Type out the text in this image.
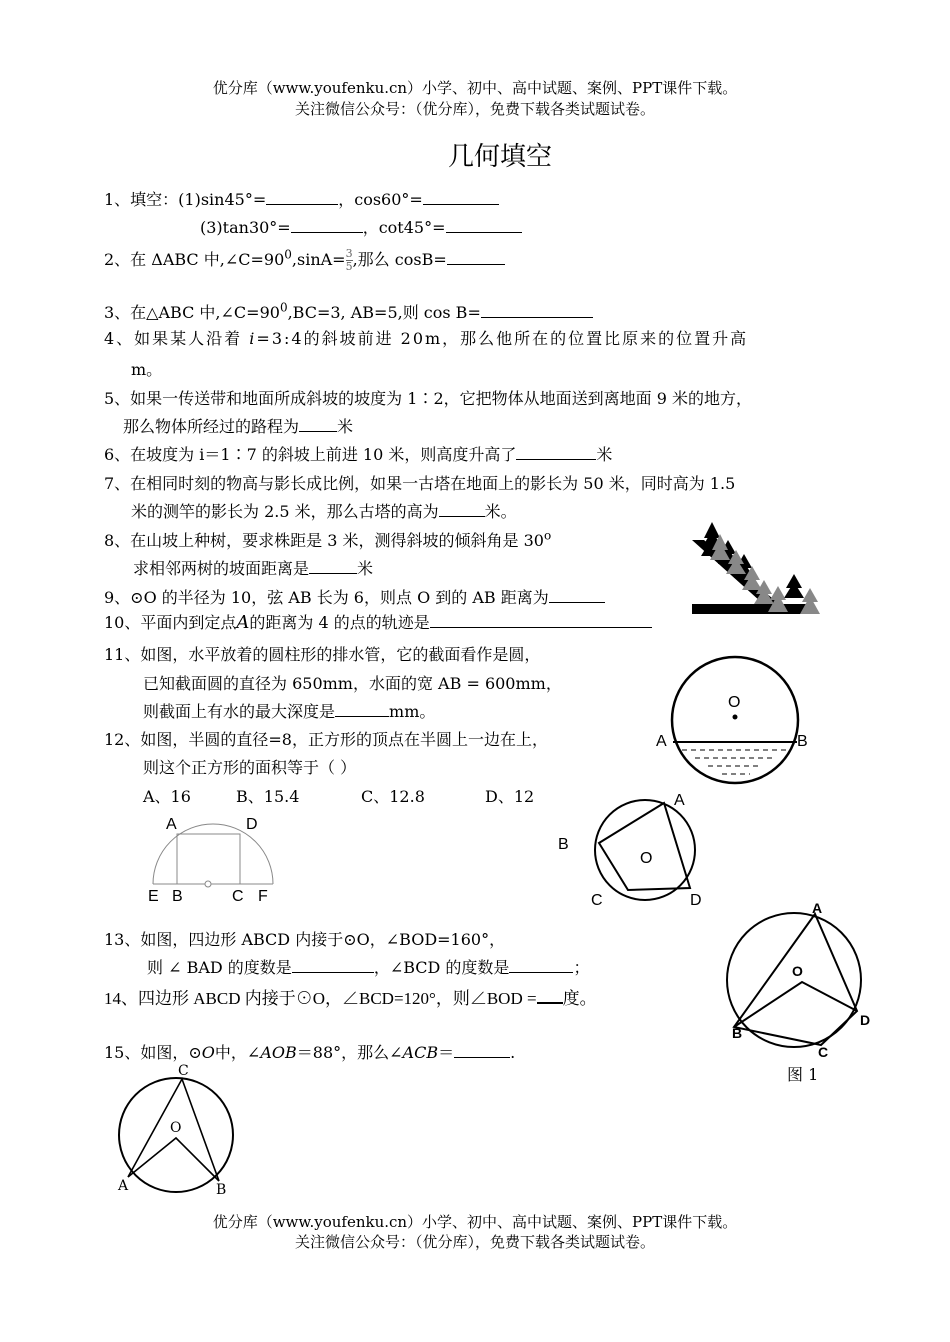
优分库（www.youfenku.cn）小学、初中、高中试题、案例、PPT课件下载。
关注微信公众号：（优分库），免费下载各类试题试卷。
几何填空
1、填空：(1)sin45°=	，cos60°=
(3)tan30°=	，cot45°=
2、在 ΔABC 中$,\angle C=90^0,\sin A= \frac{3}{5}$ ,那么 cosB=
3、在△ABC 中$,\angle C=90^0,BC=3$, AB=5,则 cos B=
4、如果某人沿着 i=3:4的斜坡前进 20m，那么他所在的位置比原来的位置升高
m。
5、如果一传送带和地面所成斜坡的坡度为 1∶2，它把物体从地面送到离地面 9 米的地方，
那么物体所经过的路程为 米
6、在坡度为 i＝1∶7 的斜坡上前进 10 米，则高度升高了	米
7、在相同时刻的物高与影长成比例，如果一古塔在地面上的影长为 50 米，同时高为 1.5
米的测竿的影长为 2.5 米，那么古塔的高为	米。
8、在山坡上种树，要求株距是 3 米，测得斜坡的倾斜角是 30$^o$
求相邻两树的坡面距离是	米
9、⊙O 的半径为 10，弦 AB 长为 6，则点 O 到的 AB 距离为
10、平面内到定点A的距离为 4 的点的轨迹是
11、如图，水平放着的圆柱形的排水管，它的截面看作是圆，
已知截面圆的直径为 650mm，水面的宽 AB = 600mm，
则截面上有水的最大深度是	mm。	O
A	B
12、如图，半圆的直径=8，正方形的顶点在半圆上一边在上，
则这个正方形的面积等于（ ）
A、16	B、15.4	C、12.8	D、12
A	D
E B	C F
A
B
O
C	D
13、如图，四边形 ABCD 内接于⊙O，∠BOD=160°，
则 ∠ BAD 的度数是	，∠BCD 的度数是	；
14、四边形 ABCD 内接于⊙O，∠BCD=120°，则∠BOD = 度。
A
O
B
D
C
图 1
15、如图，⊙O中，∠AOB＝88°，那么∠ACB＝	.
C
O
A	B
优分库（www.youfenku.cn）小学、初中、高中试题、案例、PPT课件下载。
关注微信公众号：（优分库），免费下载各类试题试卷。
